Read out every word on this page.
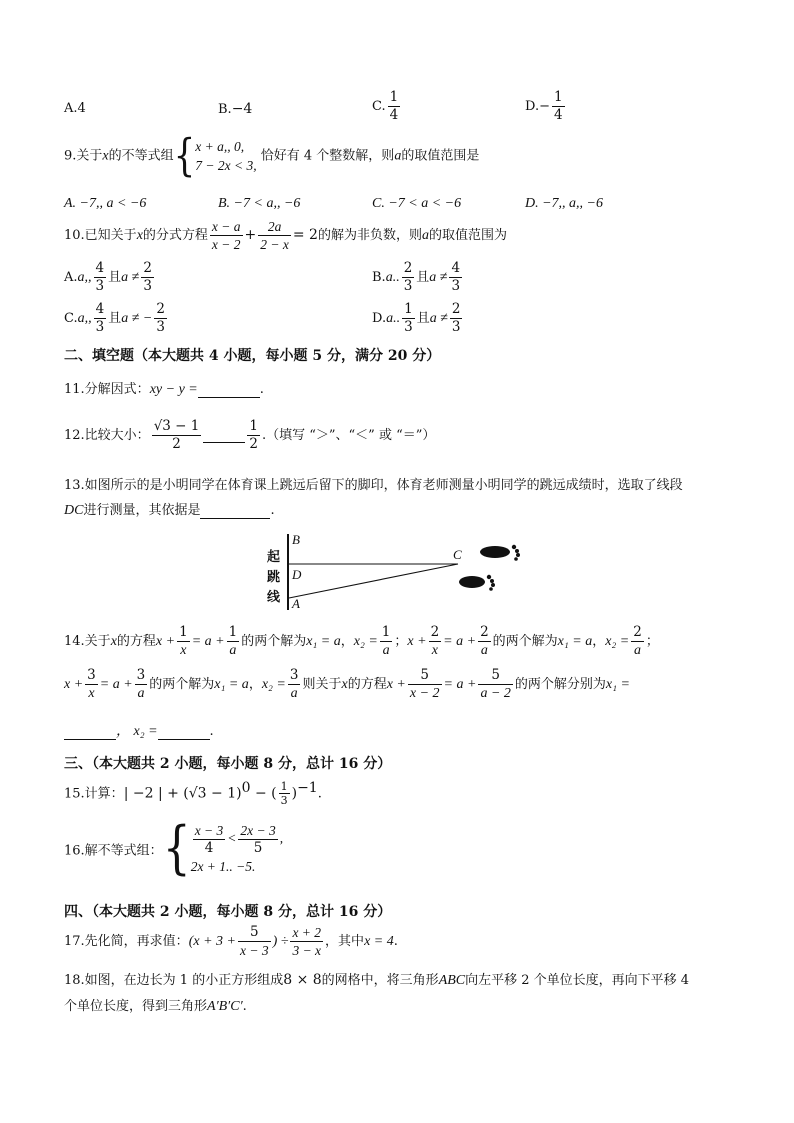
A.4	B.−4	C. $\frac{1}{4}$	$D.- \frac{1}{4}$
9.关于x的不等式组{ x + a,, 0,
7 − 2x < 3,
恰好有 4 个整数解，则a的取值范围是
A. −7,, a < −6	B. −7 < a,, −6	C. −7 < a < −6	D. −7,, a,, −6
10.已知关于x的分式方程 $\frac{x - a}{x - 2} + \frac{2a}{2 - x} = 2$的解为非负数，则a的取值范围为
A.a,, $\frac{4}{3}$ 且$a \ne \frac{2}{3}$	B.a.. $\frac{2}{3}$ 且$a \ne \frac{4}{3}$
C.a,, $\frac{4}{3}$ 且a ≠ − $\frac{2}{3}$	D.a.. $\frac{1}{3}$ 且$a \ne \frac{2}{3}$
二、填空题（本大题共 4 小题，每小题 5 分，满分 20 分）
11.分解因式：xy − y =	.
12.比较大小： $\frac{√3 - 1}{2}$	$\frac{1}{2}$ .（填写 “＞”、“＜” 或 “＝”）
13.如图所示的是小明同学在体育课上跳远后留下的脚印，体育老师测量小明同学的跳远成绩时，选取了线段
DC进行测量，其依据是	.
起
跳
线
B
D
A
C
14.关于x的方程$x + \frac{1}{x} = a + \frac{1}{a}$ 的两个解为x₁ = a，$x_2 = \frac{1}{a}$ ；$x + \frac{2}{x} = a + \frac{2}{a}$ 的两个解为x₁ = a，$x_2 = \frac{2}{a}$ ；
$x + \frac{3}{x} = a + \frac{3}{a}$ 的两个解为x₁ = a，$x_2 = \frac{3}{a}$ 则关于x的方程$x + \frac{5}{x - 2} = a + \frac{5}{a - 2}$ 的两个解分别为x₁ =
， x₂ =	.
三、（本大题共 2 小题，每小题 8 分，总计 16 分）
15.计算：| −2 | + $(√3 - 1)^0$ − ( $\frac{1}{3} )^{-1}$.
16.解不等式组：{ $\frac{x - 3}{4} < \frac{2x - 3}{5}$ ,
2x + 1.. −5.
四、（本大题共 2 小题，每小题 8 分，总计 16 分）
17.先化简，再求值：($x + 3 + \frac{5}{x - 3}$ ) ÷ $\frac{x + 2}{3 - x}$ ，其中x = 4.
18.如图，在边长为 1 的小正方形组成8 × 8的网格中，将三角形ABC向左平移 2 个单位长度，再向下平移 4
个单位长度，得到三角形A′B′C′.
